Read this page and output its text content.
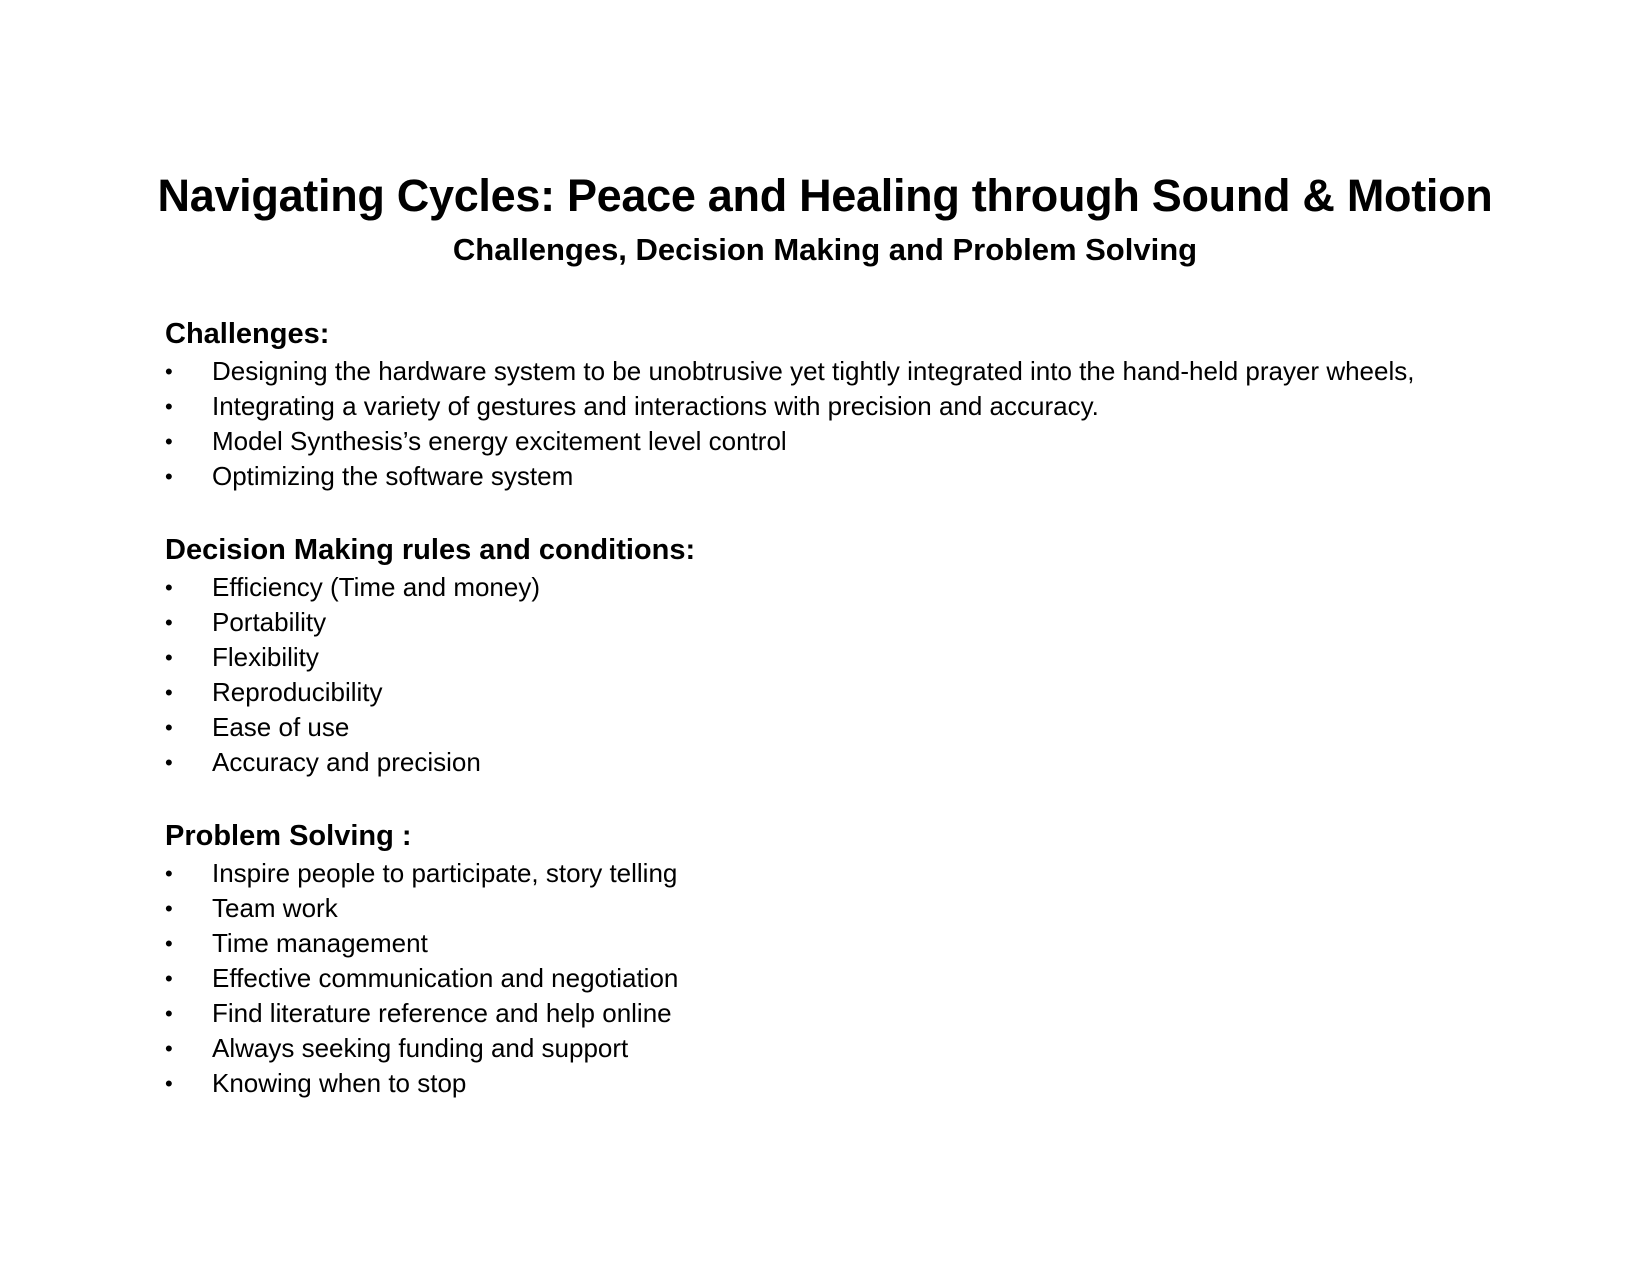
Navigating Cycles: Peace and Healing through Sound & Motion
Challenges, Decision Making and Problem Solving
Challenges:
•	Designing the hardware system to be unobtrusive yet tightly integrated into the hand-held prayer wheels,
•	Integrating a variety of gestures and interactions with precision and accuracy.
•	Model Synthesis’s energy excitement level control
•	Optimizing the software system
Decision Making rules and conditions:
•	Efficiency (Time and money)
•	Portability
•	Flexibility
•	Reproducibility
•	Ease of use
•	Accuracy and precision
Problem Solving :
•	Inspire people to participate, story telling
•	Team work
•	Time management
•	Effective communication and negotiation
•	Find literature reference and help online
•	Always seeking funding and support
•	Knowing when to stop
